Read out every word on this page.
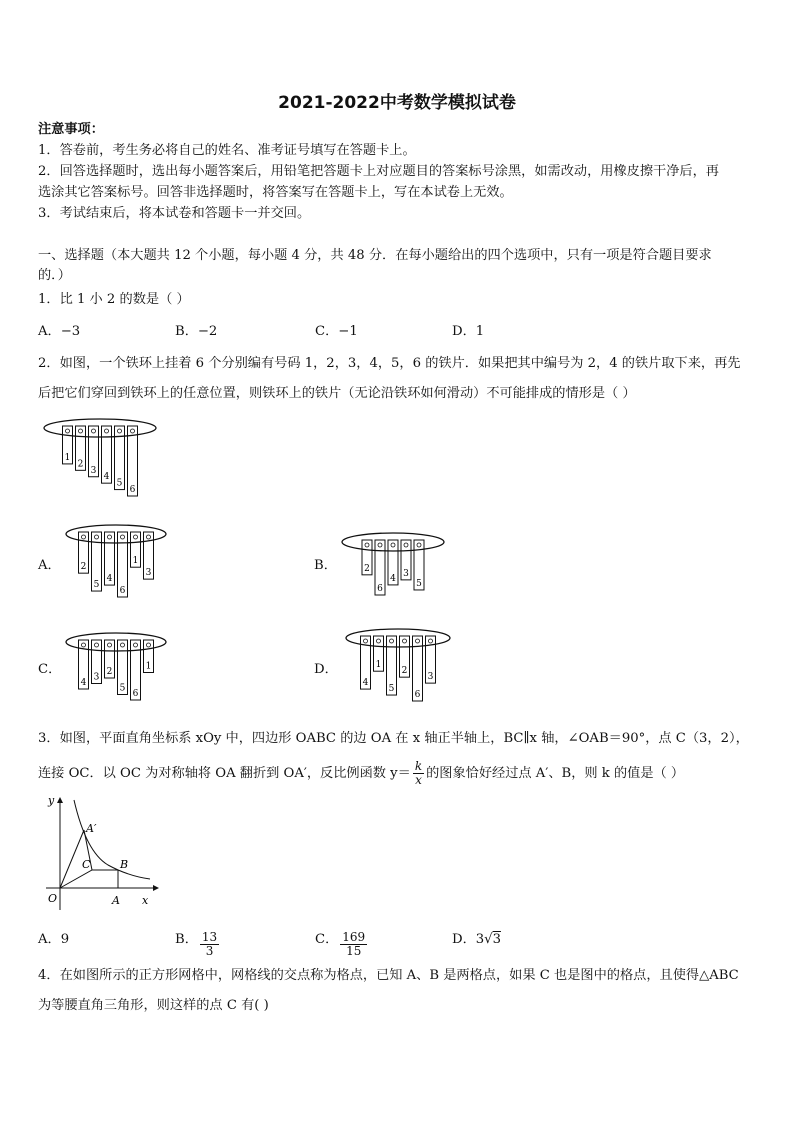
2021-2022中考数学模拟试卷
注意事项：
1．答卷前，考生务必将自己的姓名、准考证号填写在答题卡上。
2．回答选择题时，选出每小题答案后，用铅笔把答题卡上对应题目的答案标号涂黑，如需改动，用橡皮擦干净后，再
选涂其它答案标号。回答非选择题时，将答案写在答题卡上，写在本试卷上无效。
3．考试结束后，将本试卷和答题卡一并交回。
一、选择题（本大题共 12 个小题，每小题 4 分，共 48 分．在每小题给出的四个选项中，只有一项是符合题目要求
的．）
1．比 1 小 2 的数是（ ）
A．−3	B．−2	C．−1	D．1
2．如图，一个铁环上挂着 6 个分别编有号码 1，2，3，4，5，6 的铁片．如果把其中编号为 2，4 的铁片取下来，再先
后把它们穿回到铁环上的任意位置，则铁环上的铁片（无论沿铁环如何滑动）不可能排成的情形是（ ）
1
2
3
4
5
6
A． 2
5
4
6
1
3
B．	2
6
4
3
5
C．
4
3
2
5
6
1	D．
4
1
5
2
6
3
3．如图，平面直角坐标系 xOy 中，四边形 OABC 的边 OA 在 x 轴正半轴上，BC∥x 轴，∠OAB＝90°，点 C（3，2），
连接 OC．以 OC 为对称轴将 OA 翻折到 OA′，反比例函数 $y= \frac{k}{x}$ 的图象恰好经过点 A′、B，则 k 的值是（ ）
y
x
O	A
A′
B
C
A．9	B． $\frac{13}{3}$	C． $\frac{169}{15}$	D．3√3
4．在如图所示的正方形网格中，网格线的交点称为格点，已知 A、B 是两格点，如果 C 也是图中的格点，且使得△ABC
为等腰直角三角形，则这样的点 C 有( )
